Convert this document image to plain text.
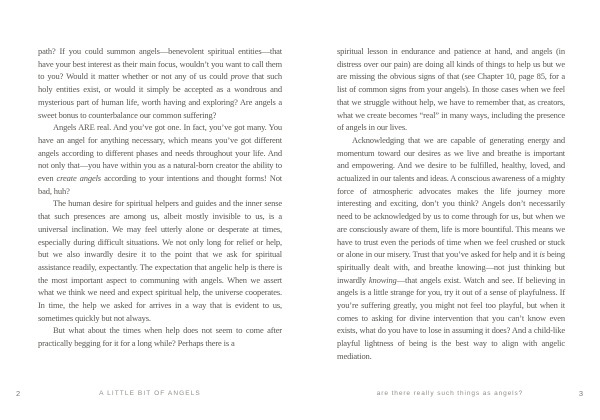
path? If you could summon angels—benevolent spiritual entities—that have your best interest as their main focus, wouldn’t you want to call them to you? Would it matter whether or not any of us could prove that such holy entities exist, or would it simply be accepted as a wondrous and mysterious part of human life, worth having and exploring? Are angels a sweet bonus to counterbalance our common suffering?

Angels ARE real. And you’ve got one. In fact, you’ve got many. You have an angel for anything necessary, which means you’ve got different angels according to different phases and needs throughout your life. And not only that—you have within you as a natural-born creator the ability to even create angels according to your intentions and thought forms! Not bad, huh?

The human desire for spiritual helpers and guides and the inner sense that such presences are among us, albeit mostly invisible to us, is a universal inclination. We may feel utterly alone or desperate at times, especially during difficult situations. We not only long for relief or help, but we also inwardly desire it to the point that we ask for spiritual assistance readily, expectantly. The expectation that angelic help is there is the most important aspect to communing with angels. When we assert what we think we need and expect spiritual help, the universe cooperates. In time, the help we asked for arrives in a way that is evident to us, sometimes quickly but not always.

But what about the times when help does not seem to come after practically begging for it for a long while? Perhaps there is a

A LITTLE BIT OF ANGELS
2

spiritual lesson in endurance and patience at hand, and angels (in distress over our pain) are doing all kinds of things to help us but we are missing the obvious signs of that (see Chapter 10, page 85, for a list of common signs from your angels). In those cases when we feel that we struggle without help, we have to remember that, as creators, what we create becomes “real” in many ways, including the presence of angels in our lives.

Acknowledging that we are capable of generating energy and momentum toward our desires as we live and breathe is important and empowering. And we desire to be fulfilled, healthy, loved, and actualized in our talents and ideas. A conscious awareness of a mighty force of atmospheric advocates makes the life journey more interesting and exciting, don’t you think? Angels don’t necessarily need to be acknowledged by us to come through for us, but when we are consciously aware of them, life is more bountiful. This means we have to trust even the periods of time when we feel crushed or stuck or alone in our misery. Trust that you’ve asked for help and it is being spiritually dealt with, and breathe knowing—not just thinking but inwardly knowing—that angels exist. Watch and see. If believing in angels is a little strange for you, try it out of a sense of playfulness. If you’re suffering greatly, you might not feel too playful, but when it comes to asking for divine intervention that you can’t know even exists, what do you have to lose in assuming it does? And a child-like playful lightness of being is the best way to align with angelic mediation.

are there really such things as angels?	3
